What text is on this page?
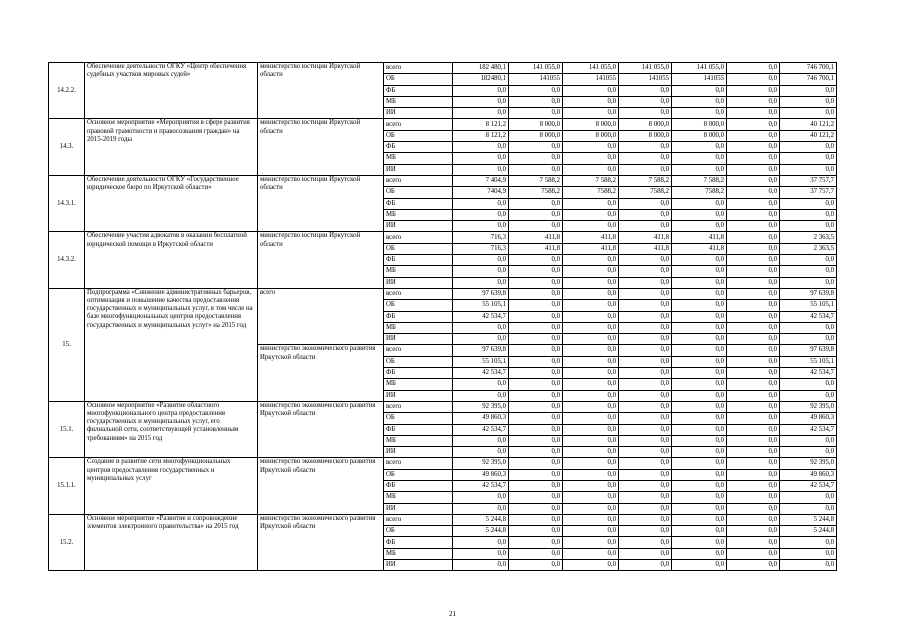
14.2.2.	Обеспечение деятельности ОГКУ «Центр обеспечения судебных участков мировых судей»	министерство юстиции Иркутской области	всего	182 480,1	141 055,0	141 055,0	141 055,0	141 055,0	0,0	746 700,1
			ОБ	182480,1	141055	141055	141055	141055	0,0	746 700,1
			ФБ	0,0	0,0	0,0	0,0	0,0	0,0	0,0
			МБ	0,0	0,0	0,0	0,0	0,0	0,0	0,0
			ИИ	0,0	0,0	0,0	0,0	0,0	0,0	0,0
14.3.	Основное мероприятие «Мероприятия в сфере развития правовой грамотности и правосознания граждан» на 2015-2019 годы	министерство юстиции Иркутской области	всего	8 121,2	8 000,0	8 000,0	8 000,0	8 000,0	0,0	40 121,2
			ОБ	8 121,2	8 000,0	8 000,0	8 000,0	8 000,0	0,0	40 121,2
			ФБ	0,0	0,0	0,0	0,0	0,0	0,0	0,0
			МБ	0,0	0,0	0,0	0,0	0,0	0,0	0,0
			ИИ	0,0	0,0	0,0	0,0	0,0	0,0	0,0
14.3.1.	Обеспечение деятельности ОГКУ «Государственное юридическое бюро по Иркутской области»	министерство юстиции Иркутской области	всего	7 404,9	7 588,2	7 588,2	7 588,2	7 588,2	0,0	37 757,7
			ОБ	7404,9	7588,2	7588,2	7588,2	7588,2	0,0	37 757,7
			ФБ	0,0	0,0	0,0	0,0	0,0	0,0	0,0
			МБ	0,0	0,0	0,0	0,0	0,0	0,0	0,0
			ИИ	0,0	0,0	0,0	0,0	0,0	0,0	0,0
14.3.2.	Обеспечение участия адвокатов в оказании бесплатной юридической помощи в Иркутской области	министерство юстиции Иркутской области	всего	716,3	411,8	411,8	411,8	411,8	0,0	2 363,5
			ОБ	716,3	411,8	411,8	411,8	411,8	0,0	2 363,5
			ФБ	0,0	0,0	0,0	0,0	0,0	0,0	0,0
			МБ	0,0	0,0	0,0	0,0	0,0	0,0	0,0
			ИИ	0,0	0,0	0,0	0,0	0,0	0,0	0,0
15.	Подпрограмма «Снижение административных барьеров, оптимизация и повышение качества предоставления государственных и муниципальных услуг, в том числе на базе многофункциональных центров предоставления государственных и муниципальных услуг» на 2015 год	всего	всего	97 639,8	0,0	0,0	0,0	0,0	0,0	97 639,8
			ОБ	55 105,1	0,0	0,0	0,0	0,0	0,0	55 105,1
			ФБ	42 534,7	0,0	0,0	0,0	0,0	0,0	42 534,7
			МБ	0,0	0,0	0,0	0,0	0,0	0,0	0,0
			ИИ	0,0	0,0	0,0	0,0	0,0	0,0	0,0
		министерство экономического развития Иркутской области	всего	97 639,8	0,0	0,0	0,0	0,0	0,0	97 639,8
			ОБ	55 105,1	0,0	0,0	0,0	0,0	0,0	55 105,1
			ФБ	42 534,7	0,0	0,0	0,0	0,0	0,0	42 534,7
			МБ	0,0	0,0	0,0	0,0	0,0	0,0	0,0
			ИИ	0,0	0,0	0,0	0,0	0,0	0,0	0,0
15.1.	Основное мероприятие «Развитие областного многофункционального центра предоставления государственных и муниципальных услуг, его филиальной сети, соответствующей установленным требованиям» на 2015 год	министерство экономического развития Иркутской области	всего	92 395,0	0,0	0,0	0,0	0,0	0,0	92 395,0
			ОБ	49 860,3	0,0	0,0	0,0	0,0	0,0	49 860,3
			ФБ	42 534,7	0,0	0,0	0,0	0,0	0,0	42 534,7
			МБ	0,0	0,0	0,0	0,0	0,0	0,0	0,0
			ИИ	0,0	0,0	0,0	0,0	0,0	0,0	0,0
15.1.1.	Создание и развитие сети многофункциональных центров предоставления государственных и муниципальных услуг	министерство экономического развития Иркутской области	всего	92 395,0	0,0	0,0	0,0	0,0	0,0	92 395,0
			ОБ	49 860,3	0,0	0,0	0,0	0,0	0,0	49 860,3
			ФБ	42 534,7	0,0	0,0	0,0	0,0	0,0	42 534,7
			МБ	0,0	0,0	0,0	0,0	0,0	0,0	0,0
			ИИ	0,0	0,0	0,0	0,0	0,0	0,0	0,0
15.2.	Основное мероприятие «Развитие и сопровождение элементов электронного правительства» на 2015 год	министерство экономического развития Иркутской области	всего	5 244,8	0,0	0,0	0,0	0,0	0,0	5 244,8
			ОБ	5 244,8	0,0	0,0	0,0	0,0	0,0	5 244,8
			ФБ	0,0	0,0	0,0	0,0	0,0	0,0	0,0
			МБ	0,0	0,0	0,0	0,0	0,0	0,0	0,0
			ИИ	0,0	0,0	0,0	0,0	0,0	0,0	0,0
21
